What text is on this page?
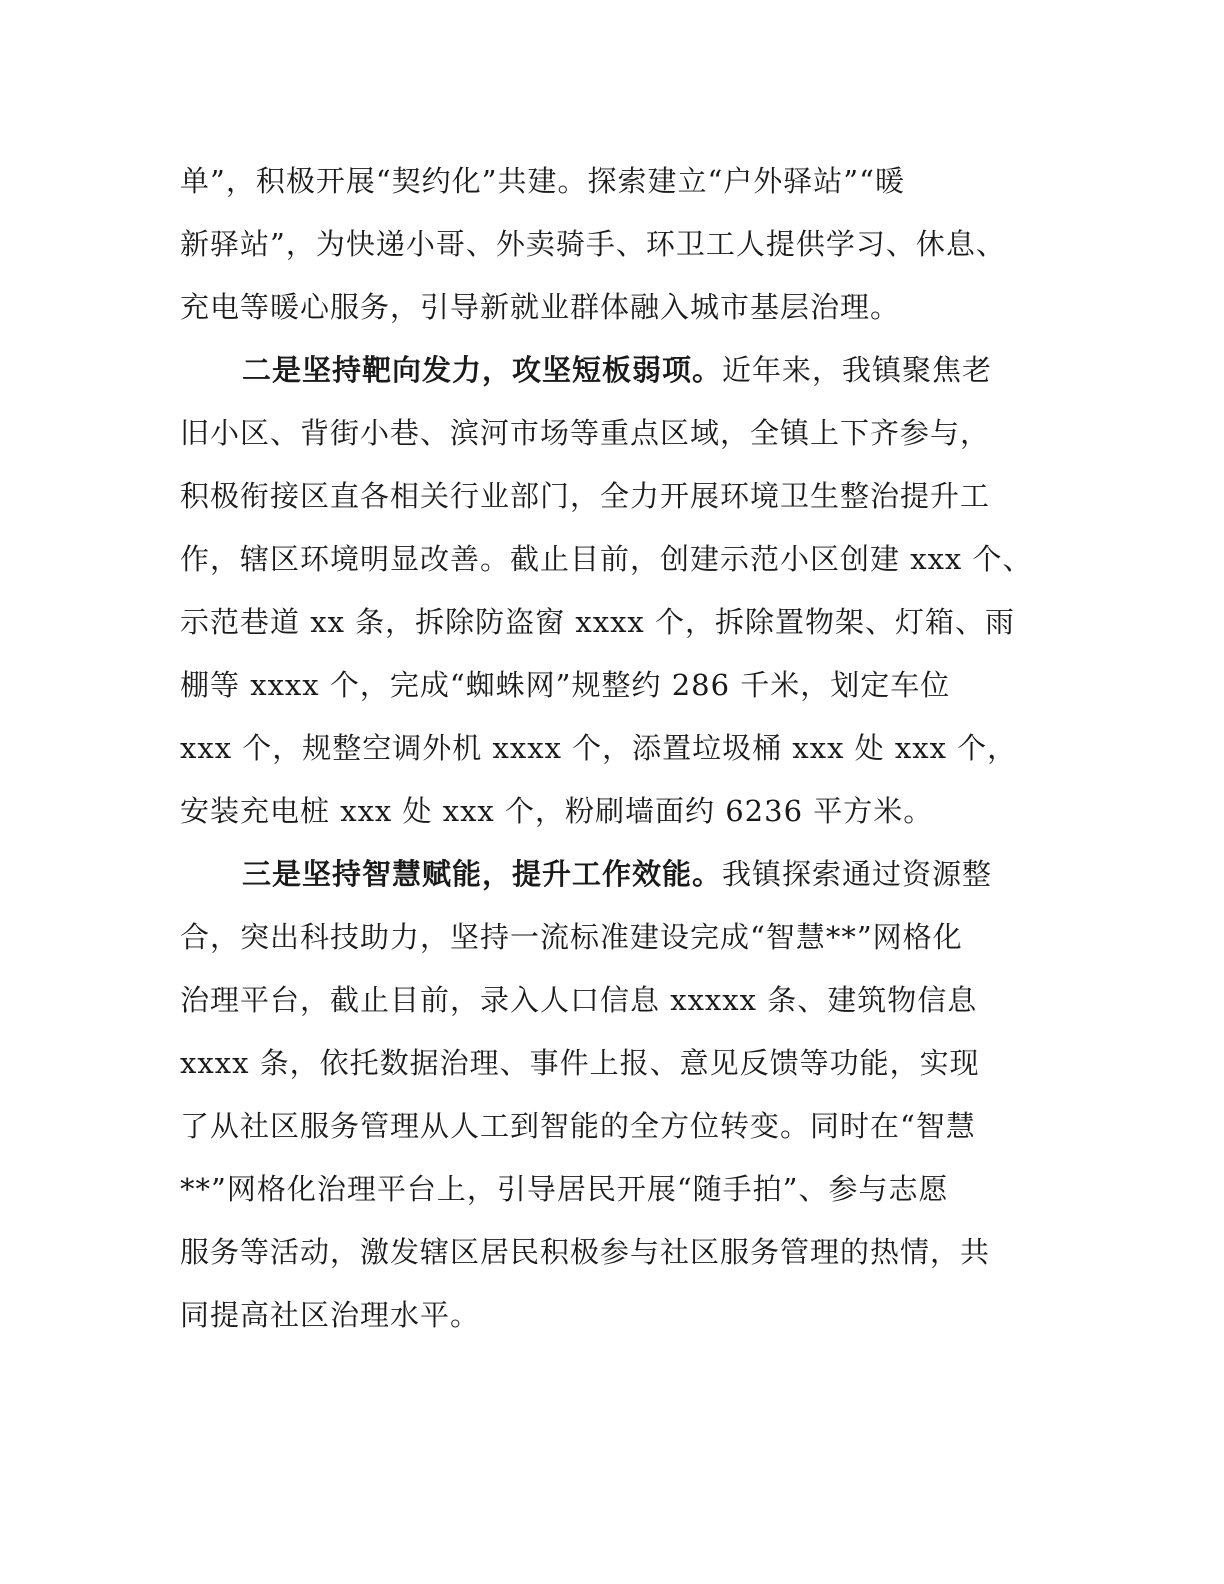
单”，积极开展“契约化”共建。探索建立“户外驿站”“暖
新驿站”，为快递小哥、外卖骑手、环卫工人提供学习、休息、
充电等暖心服务，引导新就业群体融入城市基层治理。
二是坚持靶向发力，攻坚短板弱项。近年来，我镇聚焦老
旧小区、背街小巷、滨河市场等重点区域，全镇上下齐参与，
积极衔接区直各相关行业部门，全力开展环境卫生整治提升工
作，辖区环境明显改善。截止目前，创建示范小区创建 xxx 个、
示范巷道 xx 条，拆除防盗窗 xxxx 个，拆除置物架、灯箱、雨
棚等 xxxx 个，完成“蜘蛛网”规整约 286 千米，划定车位
xxx 个，规整空调外机 xxxx 个，添置垃圾桶 xxx 处 xxx 个，
安装充电桩 xxx 处 xxx 个，粉刷墙面约 6236 平方米。
三是坚持智慧赋能，提升工作效能。我镇探索通过资源整
合，突出科技助力，坚持一流标准建设完成“智慧**”网格化
治理平台，截止目前，录入人口信息 xxxxx 条、建筑物信息
xxxx 条，依托数据治理、事件上报、意见反馈等功能，实现
了从社区服务管理从人工到智能的全方位转变。同时在“智慧
**”网格化治理平台上，引导居民开展“随手拍”、参与志愿
服务等活动，激发辖区居民积极参与社区服务管理的热情，共
同提高社区治理水平。
